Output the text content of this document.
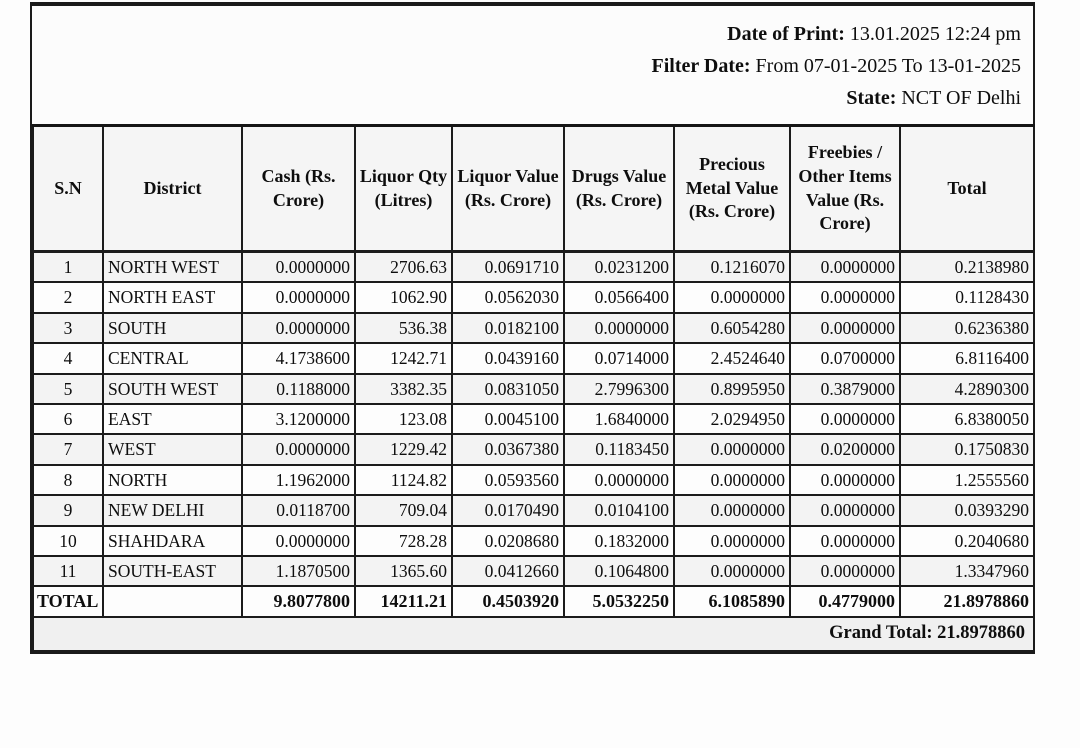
Date of Print: 13.01.2025 12:24 pm
Filter Date: From 07-01-2025 To 13-01-2025
State: NCT OF Delhi
S.N	District	Cash (Rs. Crore)	Liquor Qty (Litres)	Liquor Value (Rs. Crore)	Drugs Value (Rs. Crore)	Precious Metal Value (Rs. Crore)	Freebies / Other Items Value (Rs. Crore)	Total
1	NORTH WEST	0.0000000	2706.63	0.0691710	0.0231200	0.1216070	0.0000000	0.2138980
2	NORTH EAST	0.0000000	1062.90	0.0562030	0.0566400	0.0000000	0.0000000	0.1128430
3	SOUTH	0.0000000	536.38	0.0182100	0.0000000	0.6054280	0.0000000	0.6236380
4	CENTRAL	4.1738600	1242.71	0.0439160	0.0714000	2.4524640	0.0700000	6.8116400
5	SOUTH WEST	0.1188000	3382.35	0.0831050	2.7996300	0.8995950	0.3879000	4.2890300
6	EAST	3.1200000	123.08	0.0045100	1.6840000	2.0294950	0.0000000	6.8380050
7	WEST	0.0000000	1229.42	0.0367380	0.1183450	0.0000000	0.0200000	0.1750830
8	NORTH	1.1962000	1124.82	0.0593560	0.0000000	0.0000000	0.0000000	1.2555560
9	NEW DELHI	0.0118700	709.04	0.0170490	0.0104100	0.0000000	0.0000000	0.0393290
10	SHAHDARA	0.0000000	728.28	0.0208680	0.1832000	0.0000000	0.0000000	0.2040680
11	SOUTH-EAST	1.1870500	1365.60	0.0412660	0.1064800	0.0000000	0.0000000	1.3347960
TOTAL		9.8077800	14211.21	0.4503920	5.0532250	6.1085890	0.4779000	21.8978860
Grand Total: 21.8978860								
